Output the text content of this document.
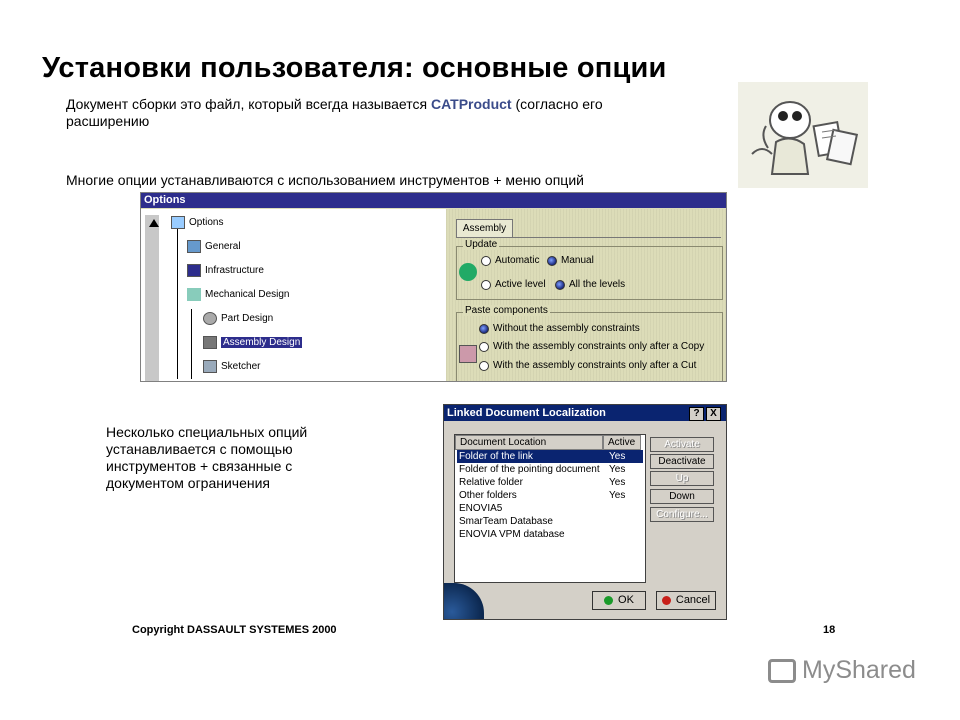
Установки пользователя: основные опции
Документ сборки это файл, который всегда называется CATProduct (согласно его расширению
Многие опции устанавливаются с использованием инструментов + меню опций
Несколько специальных опций устанавливается с помощью инструментов + связанные с документом ограничения
Options
Options
General
Infrastructure
Mechanical Design
Part Design
Assembly Design
Sketcher
Assembly
Update
Automatic Manual
Active level All the levels
Paste components
Without the assembly constraints
With the assembly constraints only after a Copy
With the assembly constraints only after a Cut
Linked Document Localization	?	X
Document Location	Active
Folder of the link	Yes
Folder of the pointing document Yes
Relative folder	Yes
Other folders	Yes
ENOVIA5
SmarTeam Database
ENOVIA VPM database
Activate
Deactivate
Up
Down
Configure...
OK	Cancel
Copyright DASSAULT SYSTEMES 2000	18
MyShared
